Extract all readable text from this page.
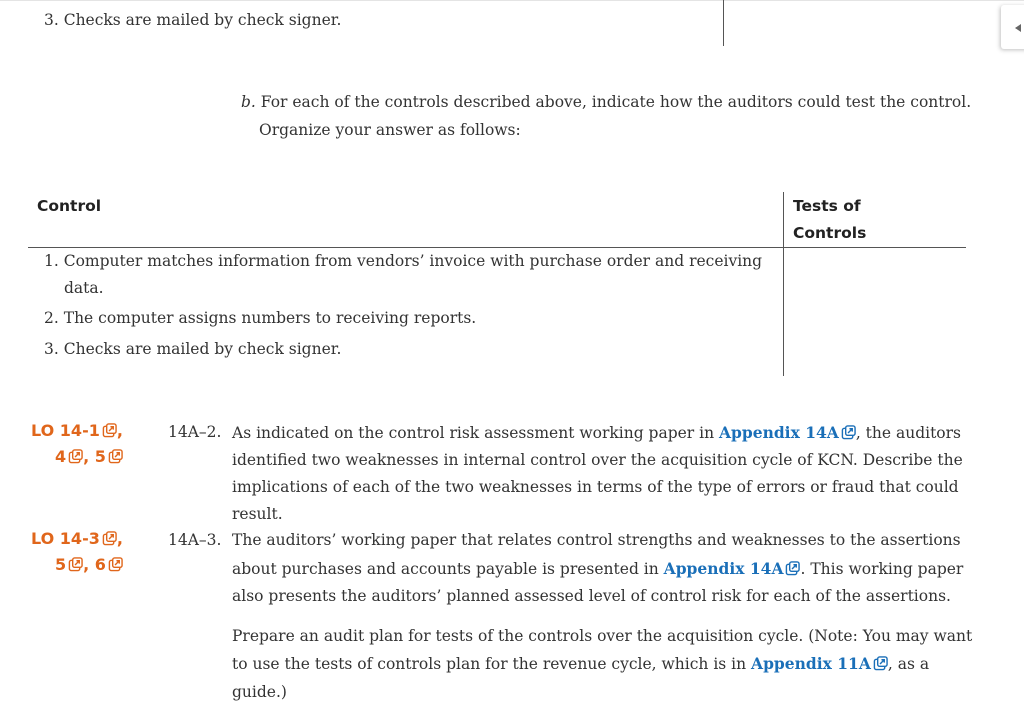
3. Checks are mailed by check signer.
b. For each of the controls described above, indicate how the auditors could test the control.
Organize your answer as follows:
Control	Tests of
Controls
1. Computer matches information from vendors’ invoice with purchase order and receiving
data.
2. The computer assigns numbers to receiving reports.
3. Checks are mailed by check signer.
LO 14-1 ,
4 , 5
14A–2. As indicated on the control risk assessment working paper in Appendix 14A , the auditors
identified two weaknesses in internal control over the acquisition cycle of KCN. Describe the
implications of each of the two weaknesses in terms of the type of errors or fraud that could
result.
LO 14-3 ,
5 , 6
14A–3. The auditors’ working paper that relates control strengths and weaknesses to the assertions
about purchases and accounts payable is presented in Appendix 14A . This working paper
also presents the auditors’ planned assessed level of control risk for each of the assertions.
Prepare an audit plan for tests of the controls over the acquisition cycle. (Note: You may want
to use the tests of controls plan for the revenue cycle, which is in Appendix 11A , as a
guide.)
